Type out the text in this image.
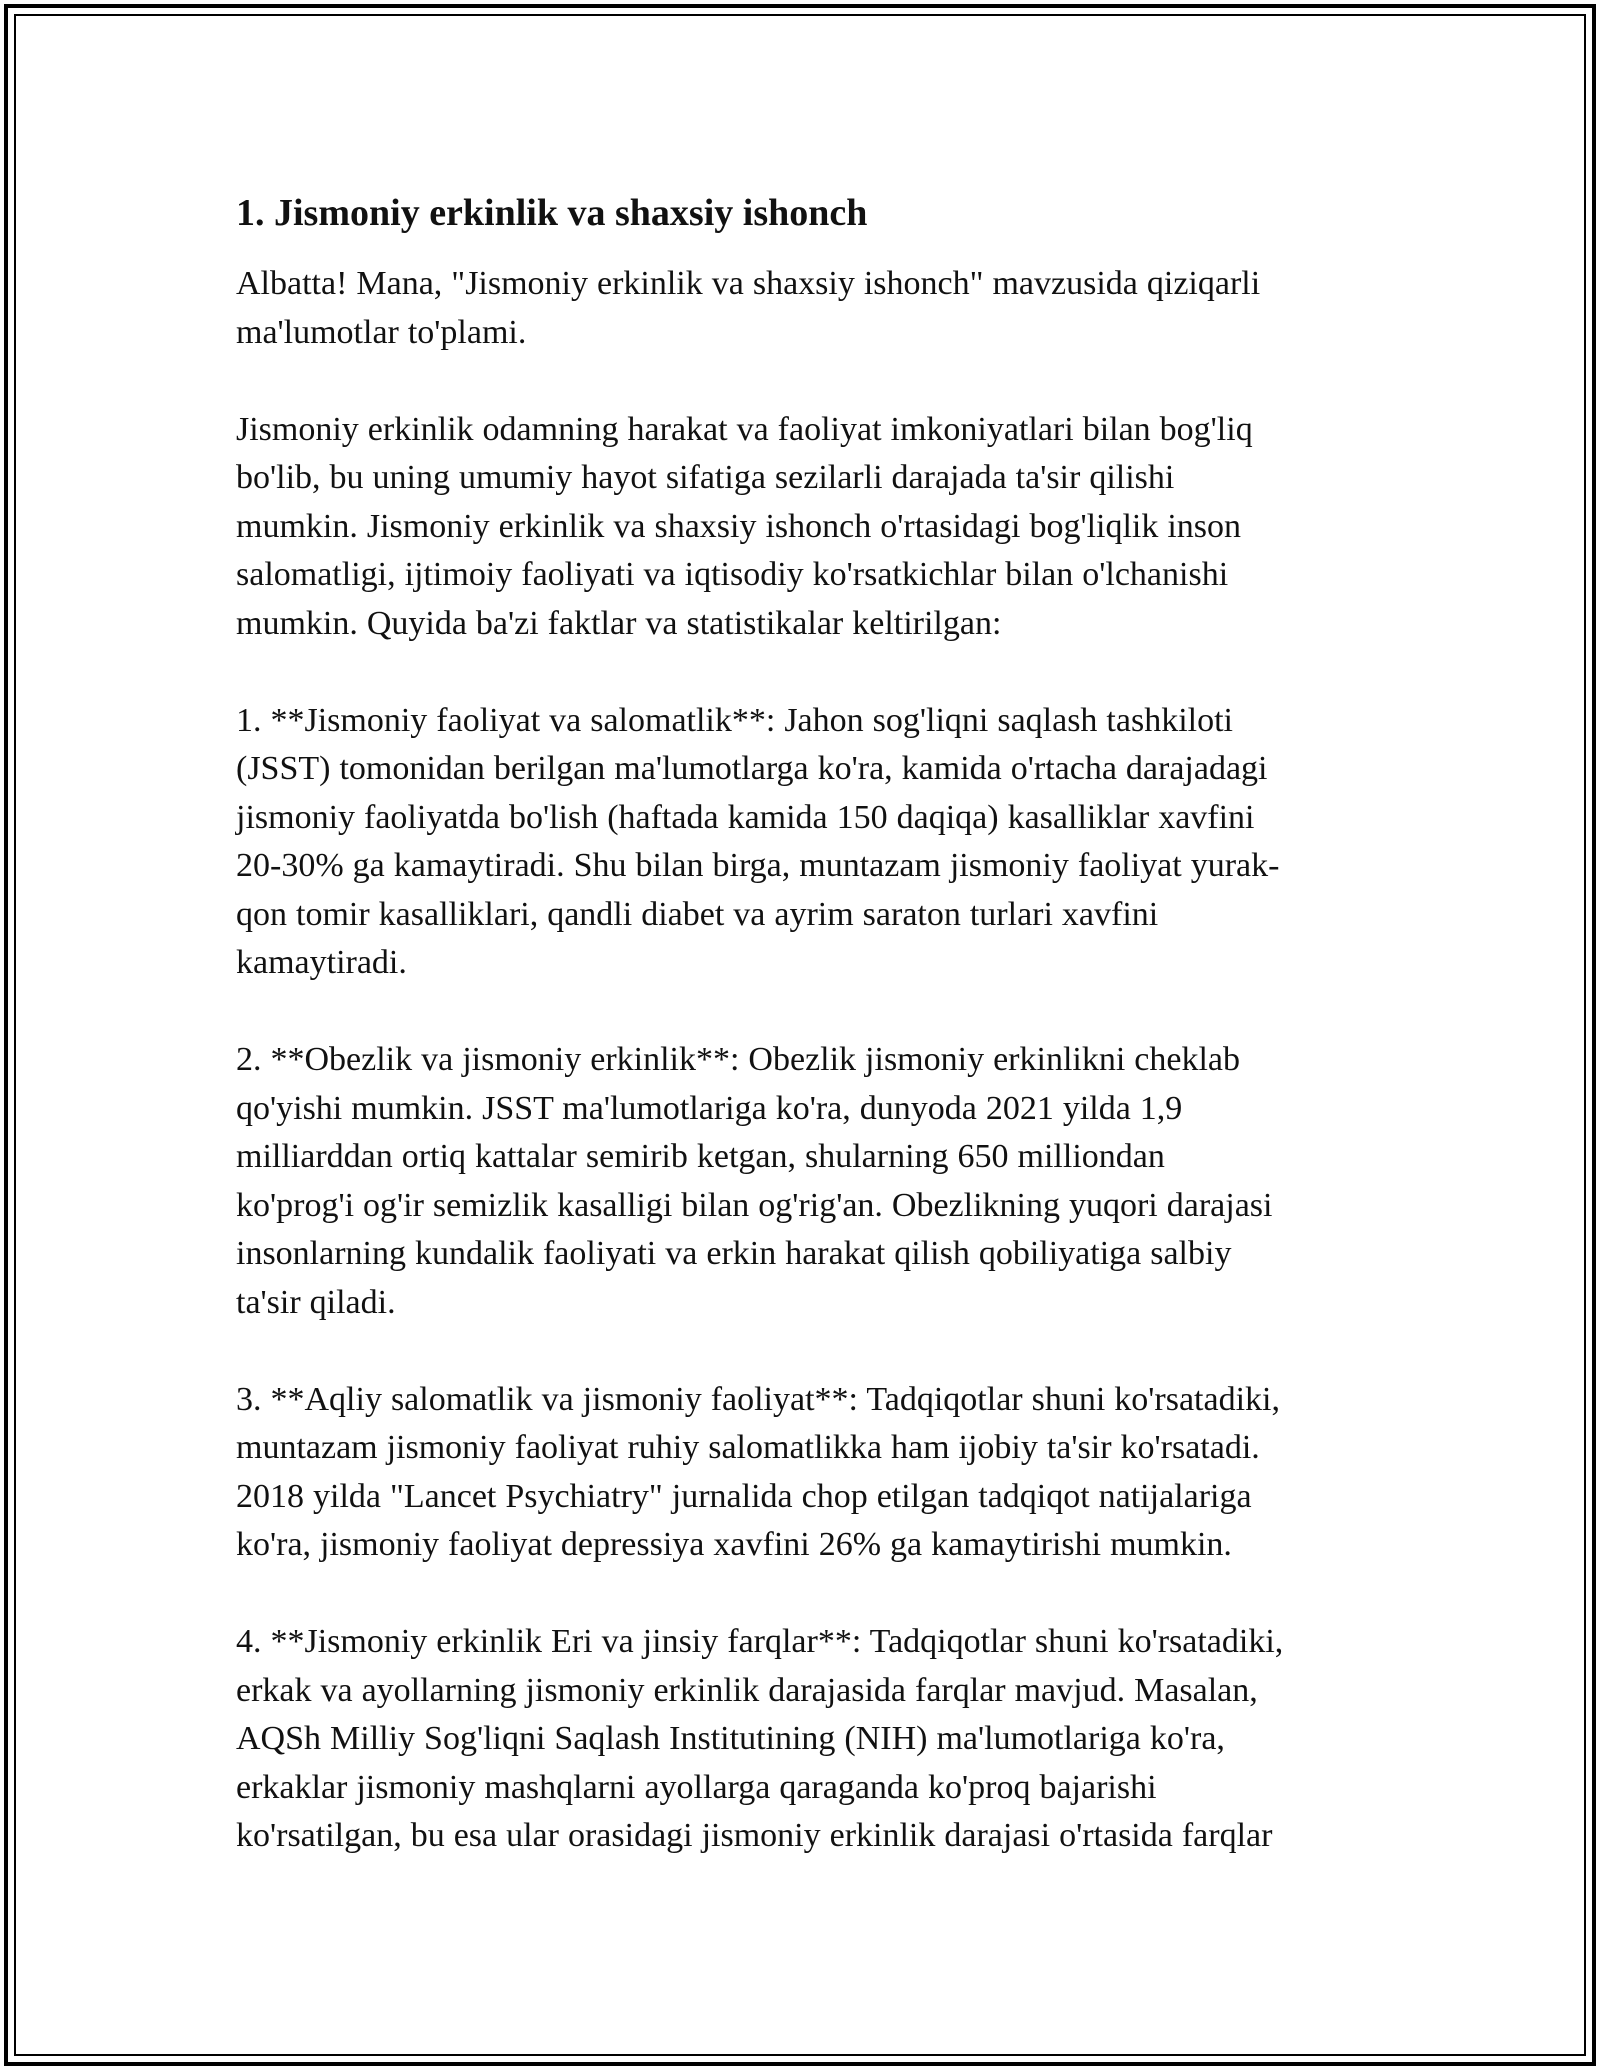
1. Jismoniy erkinlik va shaxsiy ishonch

Albatta! Mana, "Jismoniy erkinlik va shaxsiy ishonch" mavzusida qiziqarli
ma'lumotlar to'plami.

Jismoniy erkinlik odamning harakat va faoliyat imkoniyatlari bilan bog'liq
bo'lib, bu uning umumiy hayot sifatiga sezilarli darajada ta'sir qilishi
mumkin. Jismoniy erkinlik va shaxsiy ishonch o'rtasidagi bog'liqlik inson
salomatligi, ijtimoiy faoliyati va iqtisodiy ko'rsatkichlar bilan o'lchanishi
mumkin. Quyida ba'zi faktlar va statistikalar keltirilgan:

1. **Jismoniy faoliyat va salomatlik**: Jahon sog'liqni saqlash tashkiloti
(JSST) tomonidan berilgan ma'lumotlarga ko'ra, kamida o'rtacha darajadagi
jismoniy faoliyatda bo'lish (haftada kamida 150 daqiqa) kasalliklar xavfini
20-30% ga kamaytiradi. Shu bilan birga, muntazam jismoniy faoliyat yurak-
qon tomir kasalliklari, qandli diabet va ayrim saraton turlari xavfini
kamaytiradi.

2. **Obezlik va jismoniy erkinlik**: Obezlik jismoniy erkinlikni cheklab
qo'yishi mumkin. JSST ma'lumotlariga ko'ra, dunyoda 2021 yilda 1,9
milliarddan ortiq kattalar semirib ketgan, shularning 650 milliondan
ko'prog'i og'ir semizlik kasalligi bilan og'rig'an. Obezlikning yuqori darajasi
insonlarning kundalik faoliyati va erkin harakat qilish qobiliyatiga salbiy
ta'sir qiladi.

3. **Aqliy salomatlik va jismoniy faoliyat**: Tadqiqotlar shuni ko'rsatadiki,
muntazam jismoniy faoliyat ruhiy salomatlikka ham ijobiy ta'sir ko'rsatadi.
2018 yilda "Lancet Psychiatry" jurnalida chop etilgan tadqiqot natijalariga
ko'ra, jismoniy faoliyat depressiya xavfini 26% ga kamaytirishi mumkin.

4. **Jismoniy erkinlik Eri va jinsiy farqlar**: Tadqiqotlar shuni ko'rsatadiki,
erkak va ayollarning jismoniy erkinlik darajasida farqlar mavjud. Masalan,
AQSh Milliy Sog'liqni Saqlash Institutining (NIH) ma'lumotlariga ko'ra,
erkaklar jismoniy mashqlarni ayollarga qaraganda ko'proq bajarishi
ko'rsatilgan, bu esa ular orasidagi jismoniy erkinlik darajasi o'rtasida farqlar
